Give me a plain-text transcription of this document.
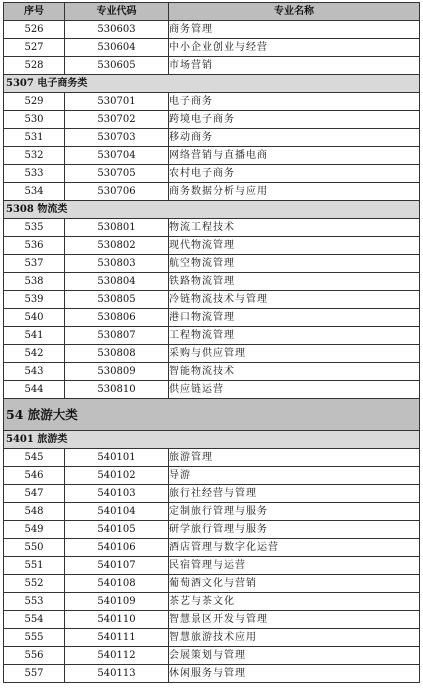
序号	专业代码	专业名称
526	530603	商务管理
527	530604	中小企业创业与经营
528	530605	市场营销
5307 电子商务类		
529	530701	电子商务
530	530702	跨境电子商务
531	530703	移动商务
532	530704	网络营销与直播电商
533	530705	农村电子商务
534	530706	商务数据分析与应用
5308 物流类		
535	530801	物流工程技术
536	530802	现代物流管理
537	530803	航空物流管理
538	530804	铁路物流管理
539	530805	冷链物流技术与管理
540	530806	港口物流管理
541	530807	工程物流管理
542	530808	采购与供应管理
543	530809	智能物流技术
544	530810	供应链运营
54 旅游大类		
5401 旅游类		
545	540101	旅游管理
546	540102	导游
547	540103	旅行社经营与管理
548	540104	定制旅行管理与服务
549	540105	研学旅行管理与服务
550	540106	酒店管理与数字化运营
551	540107	民宿管理与运营
552	540108	葡萄酒文化与营销
553	540109	茶艺与茶文化
554	540110	智慧景区开发与管理
555	540111	智慧旅游技术应用
556	540112	会展策划与管理
557	540113	休闲服务与管理
